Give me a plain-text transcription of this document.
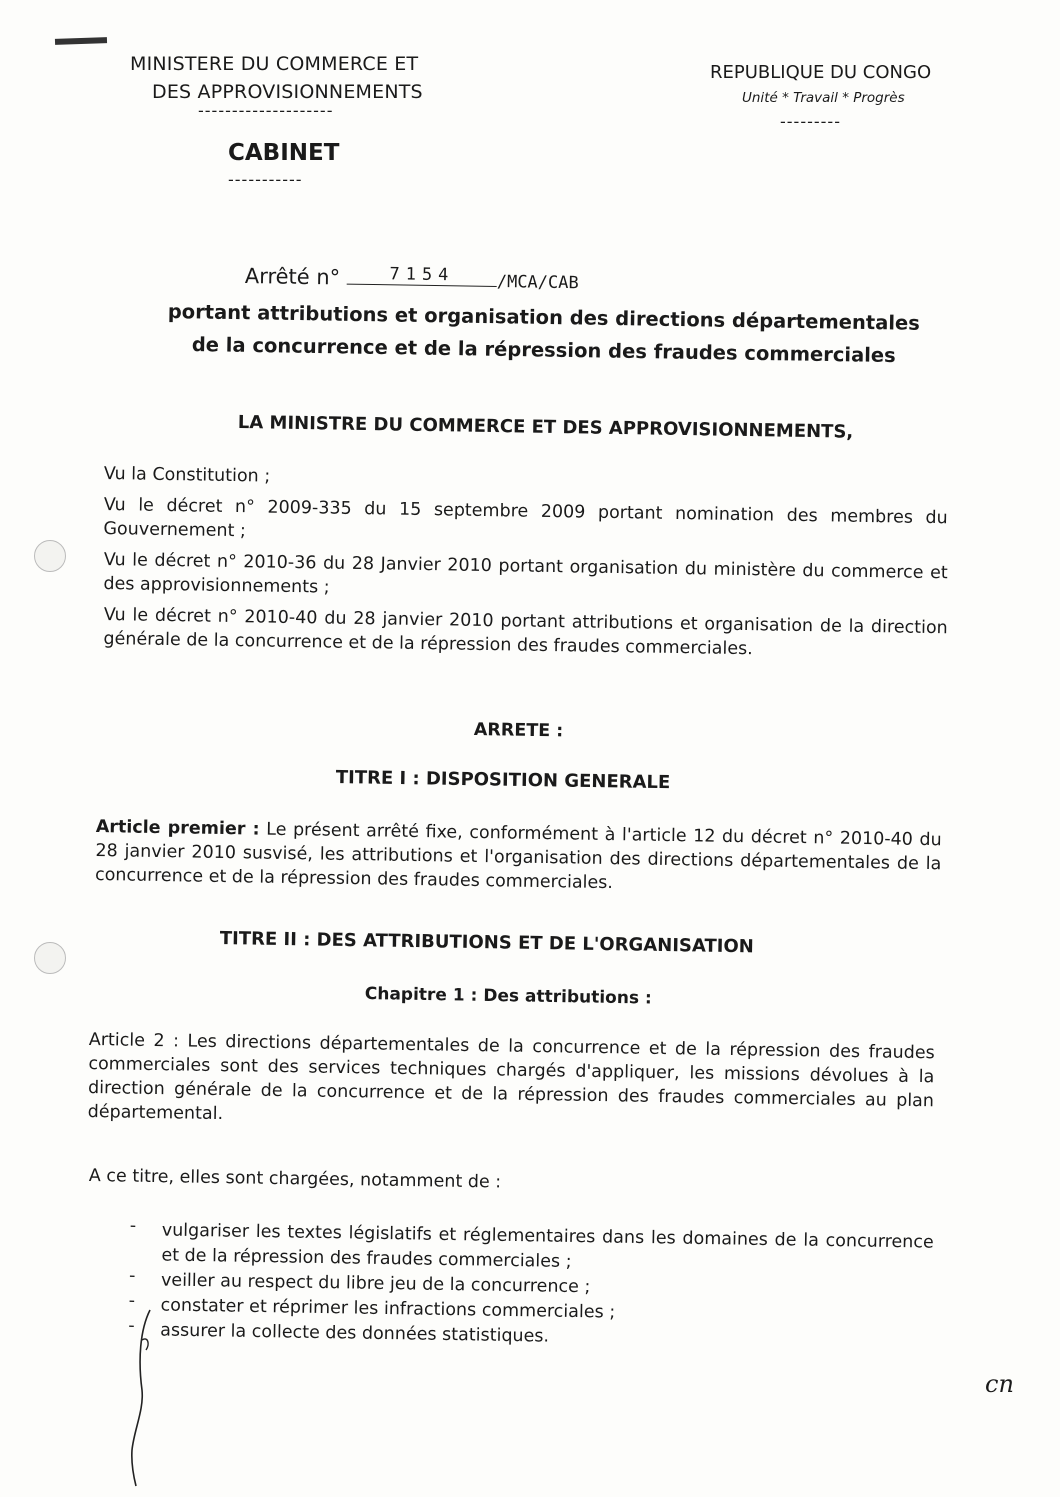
MINISTERE DU COMMERCE ET
DES APPROVISIONNEMENTS
--------------------
CABINET
-----------
REPUBLIQUE DU CONGO
Unité * Travail * Progrès
---------
Arrêté n°	7154 /MCA/CAB
portant attributions et organisation des directions départementales
de la concurrence et de la répression des fraudes commerciales
LA MINISTRE DU COMMERCE ET DES APPROVISIONNEMENTS,
Vu la Constitution ;
Vu le décret n° 2009-335 du 15 septembre 2009 portant nomination des membres du Gouvernement ;
Vu le décret n° 2010-36 du 28 Janvier 2010 portant organisation du ministère du commerce et des approvisionnements ;
Vu le décret n° 2010-40 du 28 janvier 2010 portant attributions et organisation de la direction générale de la concurrence et de la répression des fraudes commerciales.
ARRETE :
TITRE I : DISPOSITION GENERALE
Article premier : Le présent arrêté fixe, conformément à l'article 12 du décret n° 2010-40 du 28 janvier 2010 susvisé, les attributions et l'organisation des directions départementales de la concurrence et de la répression des fraudes commerciales.
TITRE II : DES ATTRIBUTIONS ET DE L'ORGANISATION
Chapitre 1 : Des attributions :
Article 2 : Les directions départementales de la concurrence et de la répression des fraudes commerciales sont des services techniques chargés d'appliquer, les missions dévolues à la direction générale de la concurrence et de la répression des fraudes commerciales au plan départemental.
A ce titre, elles sont chargées, notamment de :
- vulgariser les textes législatifs et réglementaires dans les domaines de la concurrence et de la répression des fraudes commerciales ;
- veiller au respect du libre jeu de la concurrence ;
- constater et réprimer les infractions commerciales ;
- assurer la collecte des données statistiques.
cn
